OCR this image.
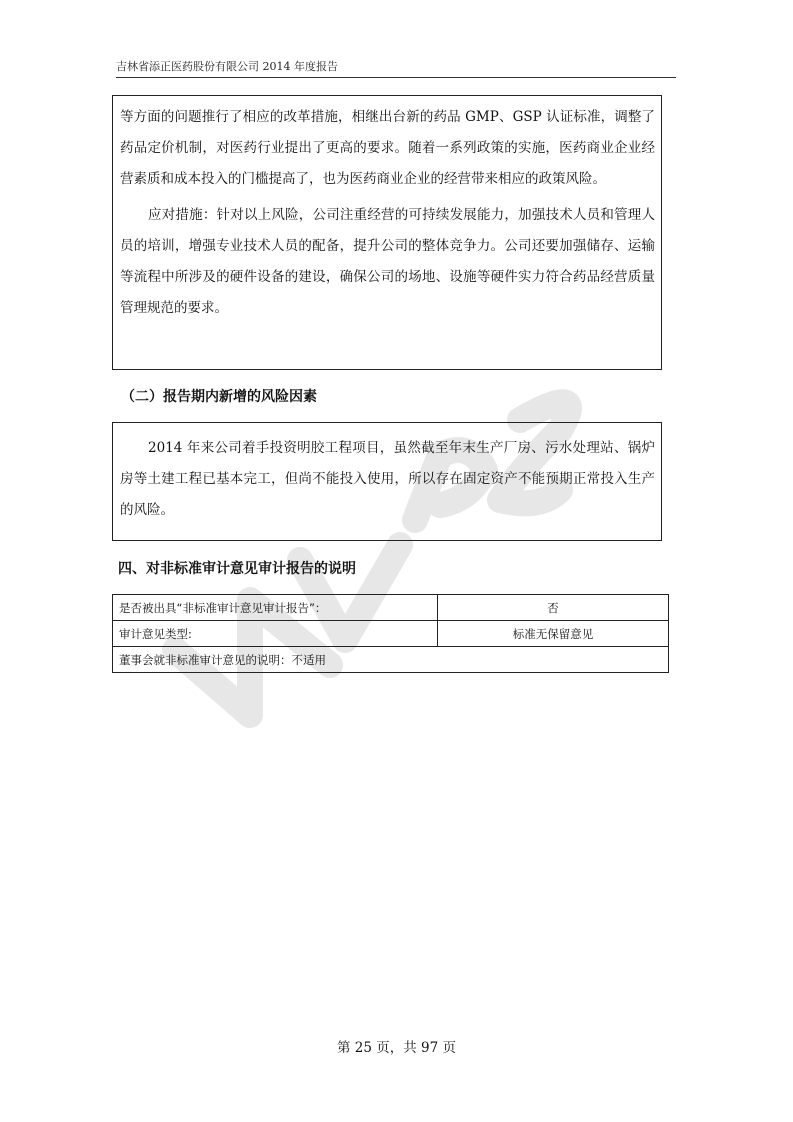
吉林省添正医药股份有限公司 2014 年度报告

等方面的问题推行了相应的改革措施，相继出台新的药品 GMP、GSP 认证标准，调整了药品定价机制，对医药行业提出了更高的要求。随着一系列政策的实施，医药商业企业经营素质和成本投入的门槛提高了，也为医药商业企业的经营带来相应的政策风险。

应对措施：针对以上风险，公司注重经营的可持续发展能力，加强技术人员和管理人员的培训，增强专业技术人员的配备，提升公司的整体竞争力。公司还要加强储存、运输等流程中所涉及的硬件设备的建设，确保公司的场地、设施等硬件实力符合药品经营质量管理规范的要求。

（二）报告期内新增的风险因素

2014 年来公司着手投资明胶工程项目，虽然截至年末生产厂房、污水处理站、锅炉房等土建工程已基本完工，但尚不能投入使用，所以存在固定资产不能预期正常投入生产的风险。

四、对非标准审计意见审计报告的说明
是否被出具“非标准审计意见审计报告”：	否
审计意见类型:	标准无保留意见
董事会就非标准审计意见的说明：不适用	
第 25 页，共 97 页
